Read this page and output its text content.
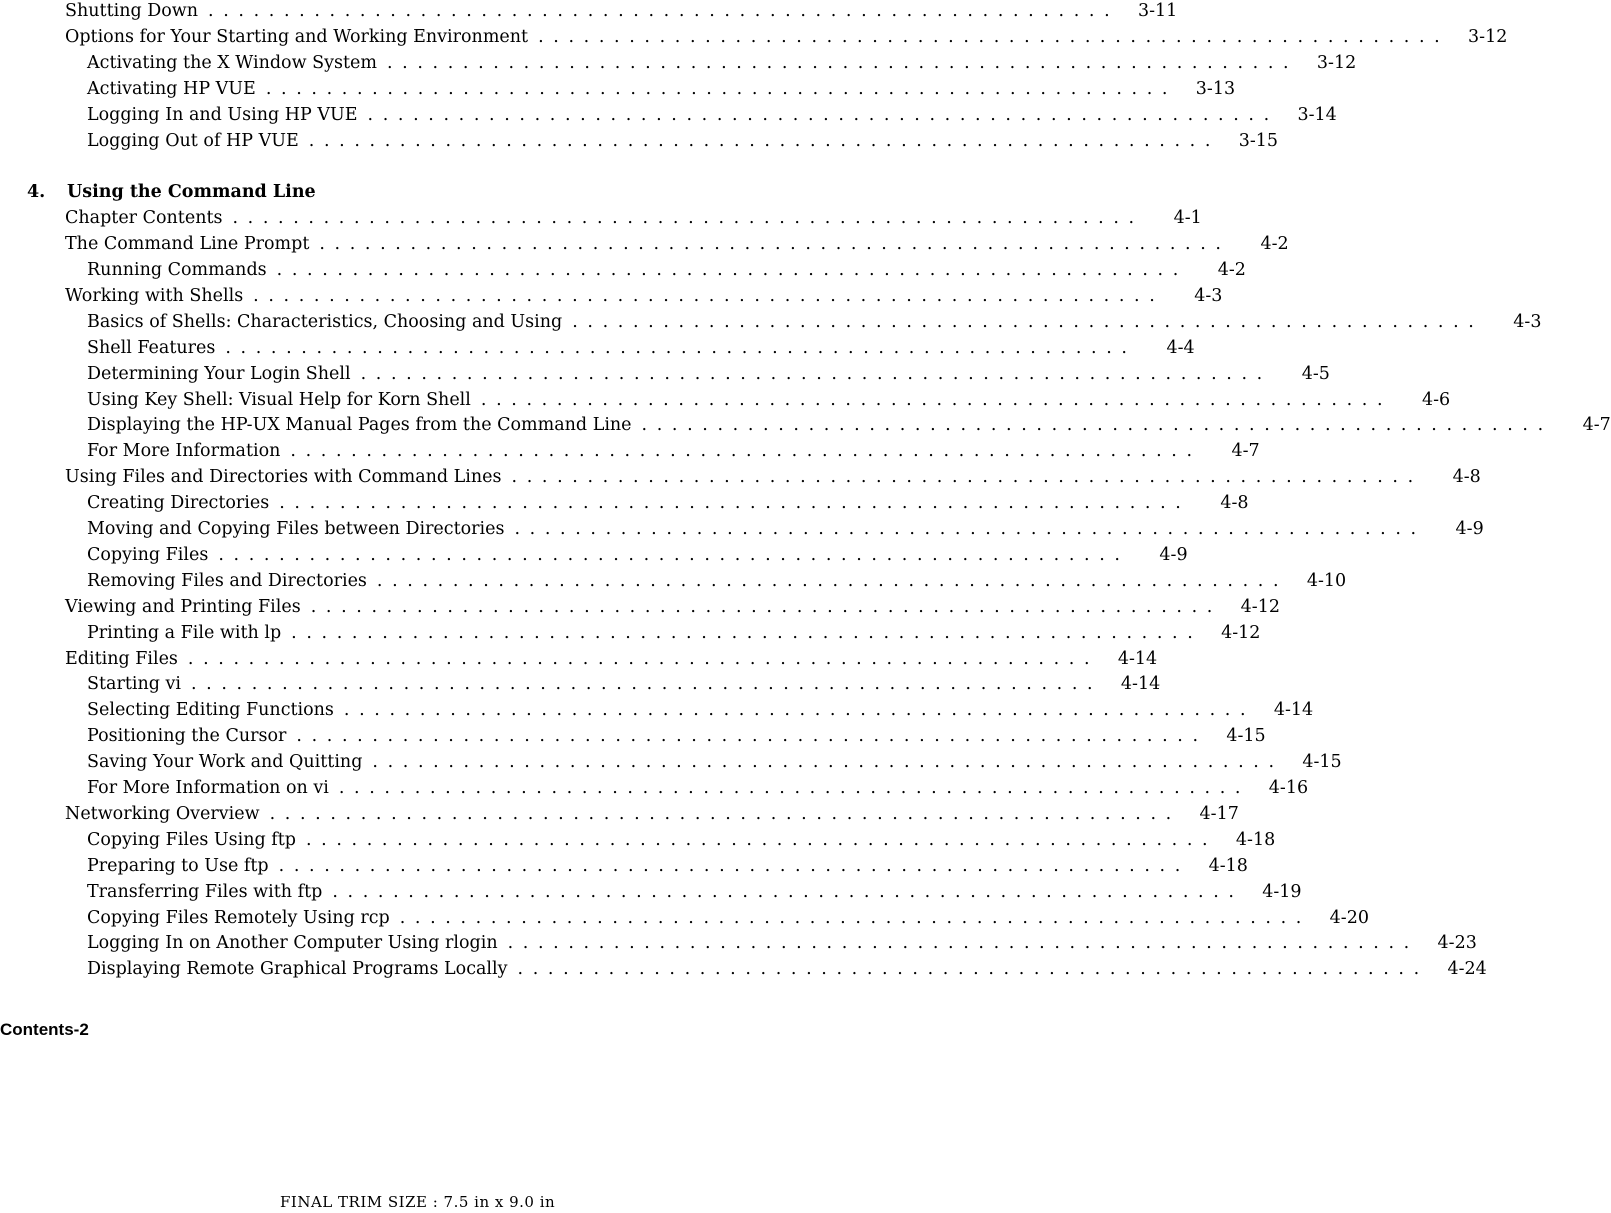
Shutting Down ............................................................	3-11
Options for Your Starting and Working Environment ............................................................	3-12
Activating the X Window System ............................................................	3-12
Activating HP VUE ............................................................	3-13
Logging In and Using HP VUE ............................................................	3-14
Logging Out of HP VUE ............................................................	3-15
4.	Using the Command Line
Chapter Contents ............................................................	4-1
The Command Line Prompt ............................................................	4-2
Running Commands ............................................................	4-2
Working with Shells ............................................................	4-3
Basics of Shells: Characteristics, Choosing and Using ............................................................	4-3
Shell Features ............................................................	4-4
Determining Your Login Shell ............................................................	4-5
Using Key Shell: Visual Help for Korn Shell ............................................................	4-6
Displaying the HP-UX Manual Pages from the Command Line ............................................................	4-7
For More Information ............................................................	4-7
Using Files and Directories with Command Lines ............................................................	4-8
Creating Directories ............................................................	4-8
Moving and Copying Files between Directories ............................................................	4-9
Copying Files ............................................................	4-9
Removing Files and Directories ............................................................	4-10
Viewing and Printing Files ............................................................	4-12
Printing a File with lp ............................................................	4-12
Editing Files ............................................................	4-14
Starting vi ............................................................	4-14
Selecting Editing Functions ............................................................	4-14
Positioning the Cursor ............................................................	4-15
Saving Your Work and Quitting ............................................................	4-15
For More Information on vi ............................................................	4-16
Networking Overview ............................................................	4-17
Copying Files Using ftp ............................................................	4-18
Preparing to Use ftp ............................................................	4-18
Transferring Files with ftp ............................................................	4-19
Copying Files Remotely Using rcp ............................................................	4-20
Logging In on Another Computer Using rlogin ............................................................	4-23
Displaying Remote Graphical Programs Locally ............................................................	4-24
Contents-2
FINAL TRIM SIZE : 7.5 in x 9.0 in
